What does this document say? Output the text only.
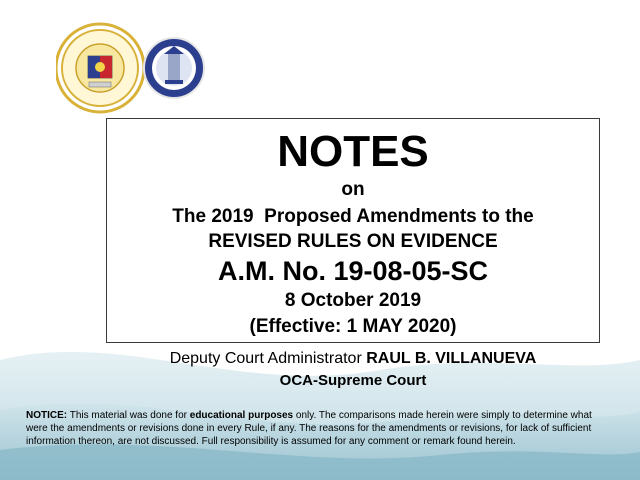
NOTES
on
The 2019  Proposed Amendments to the
REVISED RULES ON EVIDENCE
A.M. No. 19-08-05-SC
8 October 2019
(Effective: 1 MAY 2020)
Deputy Court Administrator RAUL B. VILLANUEVA
OCA-Supreme Court
NOTICE: This material was done for educational purposes only. The comparisons made herein were simply to determine what were the amendments or revisions done in every Rule, if any. The reasons for the amendments or revisions, for lack of sufficient information thereon, are not discussed. Full responsibility is assumed for any comment or remark found herein.
